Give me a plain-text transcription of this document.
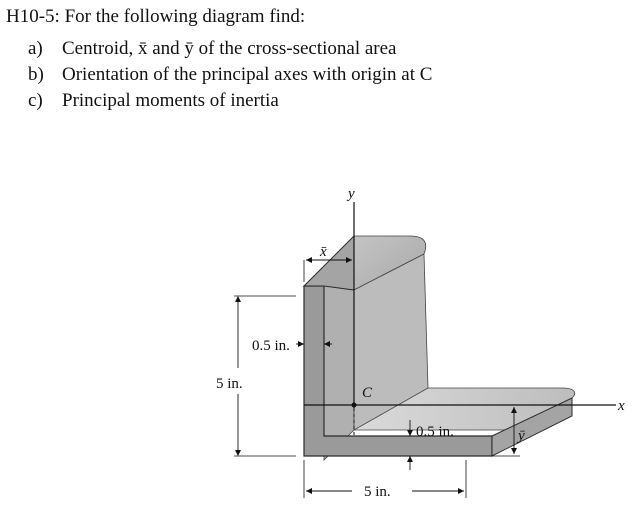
H10-5: For the following diagram find:

a)	Centroid, x̄ and ȳ of the cross-sectional area
b) Orientation of the principal axes with origin at C
c)	Principal moments of inertia
y
x
C
x̄
0.5 in.
5 in.
0.5 in.	ȳ
5 in.
